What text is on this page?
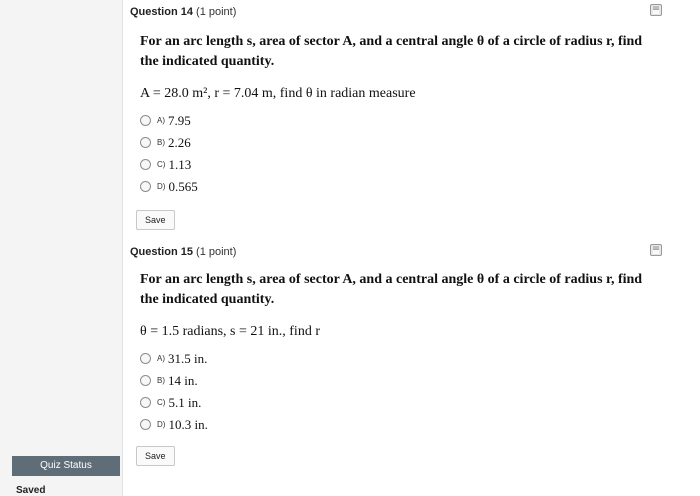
Quiz Status
Saved
Question 14 (1 point)
For an arc length s, area of sector A, and a central angle θ of a circle of radius r, find the indicated quantity.
A = 28.0 m², r = 7.04 m, find θ in radian measure
A) 7.95
B) 2.26
C) 1.13
D) 0.565
Save
Question 15 (1 point)
For an arc length s, area of sector A, and a central angle θ of a circle of radius r, find the indicated quantity.
θ = 1.5 radians, s = 21 in., find r
A) 31.5 in.
B) 14 in.
C) 5.1 in.
D) 10.3 in.
Save
